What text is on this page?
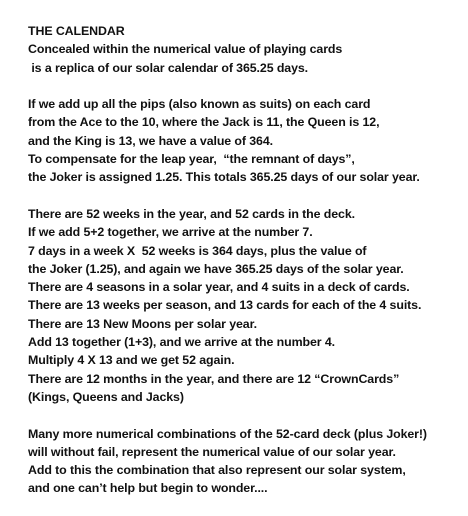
THE CALENDAR
Concealed within the numerical value of playing cards
is a replica of our solar calendar of 365.25 days.
If we add up all the pips (also known as suits) on each card
from the Ace to the 10, where the Jack is 11, the Queen is 12,
and the King is 13, we have a value of 364.
To compensate for the leap year,  “the remnant of days”,
the Joker is assigned 1.25. This totals 365.25 days of our solar year.
There are 52 weeks in the year, and 52 cards in the deck.
If we add 5+2 together, we arrive at the number 7.
7 days in a week X  52 weeks is 364 days, plus the value of
the Joker (1.25), and again we have 365.25 days of the solar year.
There are 4 seasons in a solar year, and 4 suits in a deck of cards.
There are 13 weeks per season, and 13 cards for each of the 4 suits.
There are 13 New Moons per solar year.
Add 13 together (1+3), and we arrive at the number 4.
Multiply 4 X 13 and we get 52 again.
There are 12 months in the year, and there are 12 “CrownCards”
(Kings, Queens and Jacks)
Many more numerical combinations of the 52-card deck (plus Joker!)
will without fail, represent the numerical value of our solar year.
Add to this the combination that also represent our solar system,
and one can’t help but begin to wonder....
